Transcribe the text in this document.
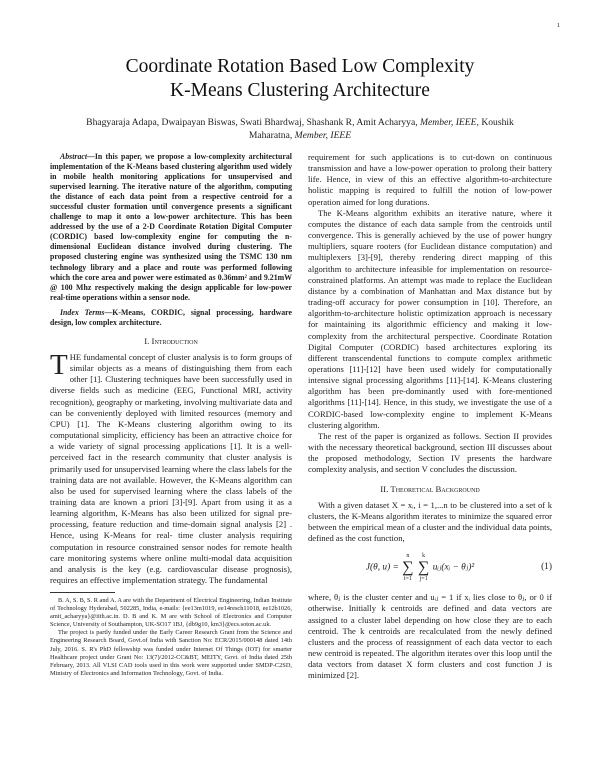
1
Coordinate Rotation Based Low Complexity
K-Means Clustering Architecture
Bhagyaraja Adapa, Dwaipayan Biswas, Swati Bhardwaj, Shashank R, Amit Acharyya, Member, IEEE, Koushik
Maharatna, Member, IEEE

Abstract—In this paper, we propose a low-complexity architectural implementation of the K-Means based clustering algorithm used widely in mobile health monitoring applications for unsupervised and supervised learning. The iterative nature of the algorithm, computing the distance of each data point from a respective centroid for a successful cluster formation until convergence presents a significant challenge to map it onto a low-power architecture. This has been addressed by the use of a 2-D Coordinate Rotation Digital Computer (CORDIC) based low-complexity engine for computing the n-dimensional Euclidean distance involved during clustering. The proposed clustering engine was synthesized using the TSMC 130 nm technology library and a place and route was performed following which the core area and power were estimated as 0.36mm² and 9.21mW @ 100 Mhz respectively making the design applicable for low-power real-time operations within a sensor node.

Index Terms—K-Means, CORDIC, signal processing, hardware design, low complex architecture.

I. Introduction

THE fundamental concept of cluster analysis is to form groups of similar objects as a means of distinguishing them from each other [1]. Clustering techniques have been successfully used in diverse fields such as medicine (EEG, Functional MRI, activity recognition), geography or marketing, involving multivariate data and can be conveniently deployed with limited resources (memory and CPU) [1]. The K-Means clustering algorithm owing to its computational simplicity, efficiency has been an attractive choice for a wide variety of signal processing applications [1]. It is a well-perceived fact in the research community that cluster analysis is primarily used for unsupervised learning where the class labels for the training data are not available. However, the K-Means algorithm can also be used for supervised learning where the class labels of the training data are known a priori [3]-[9]. Apart from using it as a learning algorithm, K-Means has also been utilized for signal pre-processing, feature reduction and time-domain signal analysis [2] . Hence, using K-Means for real- time cluster analysis requiring computation in resource constrained sensor nodes for remote health care monitoring systems where online multi-modal data acquisition and analysis is the key (e.g. cardiovascular disease prognosis), requires an effective implementation strategy. The fundamental

B. A, S. B, S. R and A. A are with the Department of Electrical Engineering, Indian Institute of Technology Hyderabad, 502285, India, e-mails: {ee13m1019, ee14resch11018, ee12b1026, amit_acharyya}@iith.ac.in. D. B and K. M are with School of Electronics and Computer Science, University of Southampton, UK-SO17 1BJ, {db9g10, km3}@ecs.soton.ac.uk.

The project is partly funded under the Early Career Research Grant from the Science and Engineering Research Board, Govt.of India with Sanction No: ECR/2015/000148 dated 14th July, 2016. S. R's PhD fellowship was funded under Internet Of Things (IOT) for smarter Healthcare project under Grant No: 13(7)/2012-CC&BT, MEITY, Govt. of India dated 25th February, 2013. All VLSI CAD tools used in this work were supported under SMDP-C2SD, Ministry of Electronics and Information Technology, Govt. of India.

requirement for such applications is to cut-down on continuous transmission and have a low-power operation to prolong their battery life. Hence, in view of this an effective algorithm-to-architecture holistic mapping is required to fulfill the notion of low-power operation aimed for long durations.

The K-Means algorithm exhibits an iterative nature, where it computes the distance of each data sample from the centroids until convergence. This is generally achieved by the use of power hungry multipliers, square rooters (for Euclidean distance computation) and multiplexers [3]-[9], thereby rendering direct mapping of this algorithm to architecture infeasible for implementation on resource-constrained platforms. An attempt was made to replace the Euclidean distance by a combination of Manhattan and Max distance but by trading-off accuracy for power consumption in [10]. Therefore, an algorithm-to-architecture holistic optimization approach is necessary for maintaining its algorithmic efficiency and making it low-complexity from the architectural perspective. Coordinate Rotation Digital Computer (CORDIC) based architectures exploring its different transcendental functions to compute complex arithmetic operations [11]-[12] have been used widely for computationally intensive signal processing algorithms [11]-[14]. K-Means clustering algorithm has been pre-dominantly used with fore-mentioned algorithms [11]-[14]. Hence, in this study, we investigate the use of a CORDIC-based low-complexity engine to implement K-Means clustering algorithm.

The rest of the paper is organized as follows. Section II provides with the necessary theoretical background, section III discusses about the proposed methodology, Section IV presents the hardware complexity analysis, and section V concludes the discussion.

II. Theoretical Background

With a given dataset X = xᵢ, i = 1,...n to be clustered into a set of k clusters, the K-Means algorithm iterates to minimize the squared error between the empirical mean of a cluster and the individual data points, defined as the cost function,

J(θ, u) =
n
∑
i=1

k
∑
j=1
uᵢⱼ(xᵢ − θⱼ)²	(1)

where, θⱼ is the cluster center and uᵢⱼ = 1 if xᵢ lies close to θⱼ, or 0 if otherwise. Initially k centroids are defined and data vectors are assigned to a cluster label depending on how close they are to each centroid. The k centroids are recalculated from the newly defined clusters and the process of reassignment of each data vector to each new centroid is repeated. The algorithm iterates over this loop until the data vectors from dataset X form clusters and cost function J is minimized [2].
